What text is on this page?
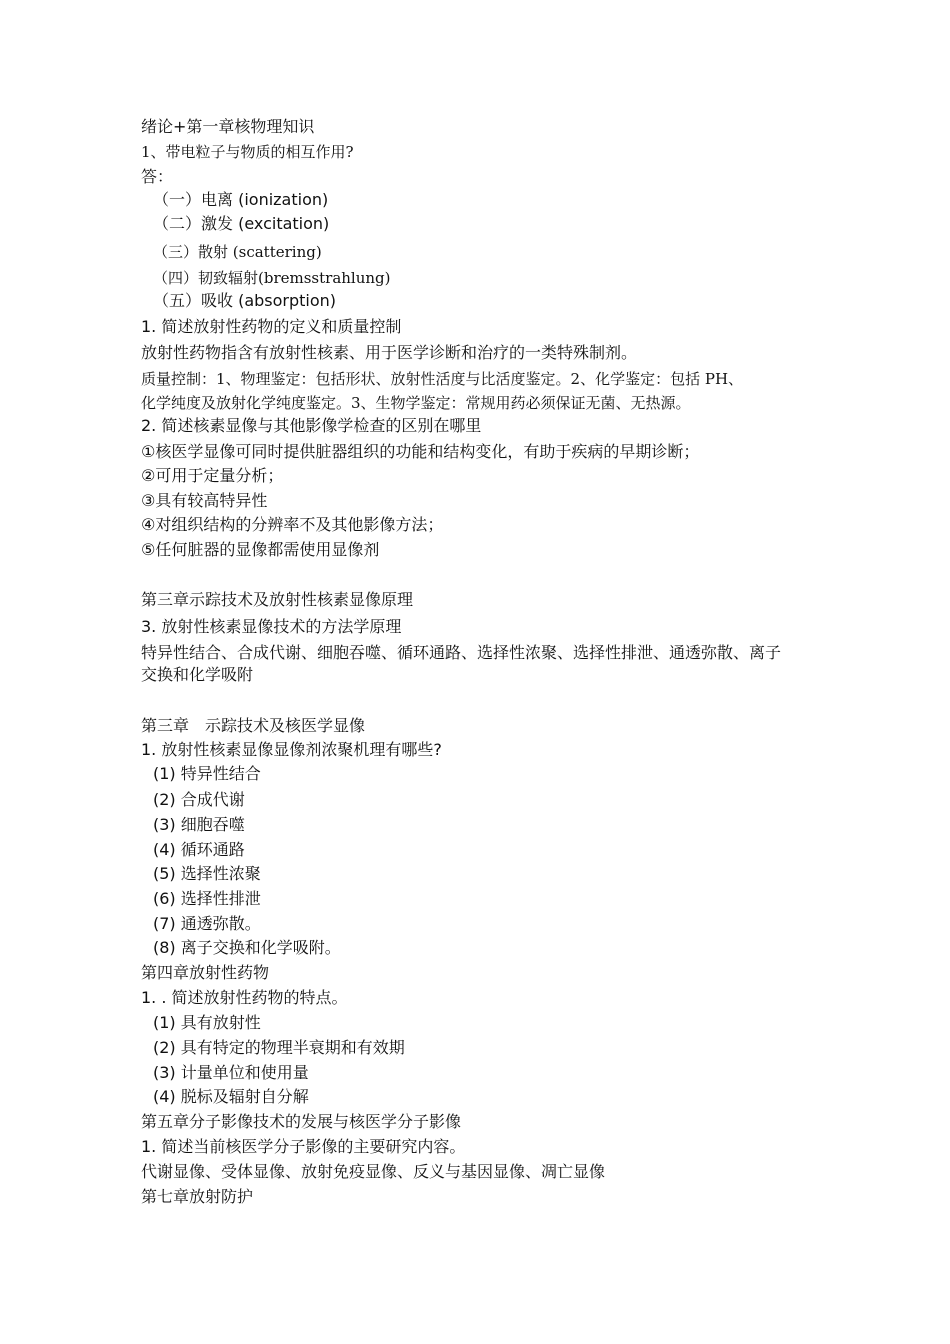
绪论+第一章核物理知识

1、带电粒子与物质的相互作用?

答：

（一）电离 (ionization)

（二）激发 (excitation)

（三）散射 (scattering)

（四）韧致辐射(bremsstrahlung)

（五）吸收 (absorption)

1. 简述放射性药物的定义和质量控制

放射性药物指含有放射性核素、用于医学诊断和治疗的一类特殊制剂。

质量控制：1、物理鉴定：包括形状、放射性活度与比活度鉴定。2、化学鉴定：包括 PH、

化学纯度及放射化学纯度鉴定。3、生物学鉴定：常规用药必须保证无菌、无热源。

2. 简述核素显像与其他影像学检查的区别在哪里

①核医学显像可同时提供脏器组织的功能和结构变化，有助于疾病的早期诊断；

②可用于定量分析；

③具有较高特异性

④对组织结构的分辨率不及其他影像方法；

⑤任何脏器的显像都需使用显像剂

第三章示踪技术及放射性核素显像原理

3. 放射性核素显像技术的方法学原理

特异性结合、合成代谢、细胞吞噬、循环通路、选择性浓聚、选择性排泄、通透弥散、离子

交换和化学吸附

第三章　示踪技术及核医学显像

1. 放射性核素显像显像剂浓聚机理有哪些?

(1) 特异性结合

(2) 合成代谢

(3) 细胞吞噬

(4) 循环通路

(5) 选择性浓聚

(6) 选择性排泄

(7) 通透弥散。

(8) 离子交换和化学吸附。

第四章放射性药物

1. . 简述放射性药物的特点。

(1) 具有放射性

(2) 具有特定的物理半衰期和有效期

(3) 计量单位和使用量

(4) 脱标及辐射自分解

第五章分子影像技术的发展与核医学分子影像

1. 简述当前核医学分子影像的主要研究内容。

代谢显像、受体显像、放射免疫显像、反义与基因显像、凋亡显像

第七章放射防护
